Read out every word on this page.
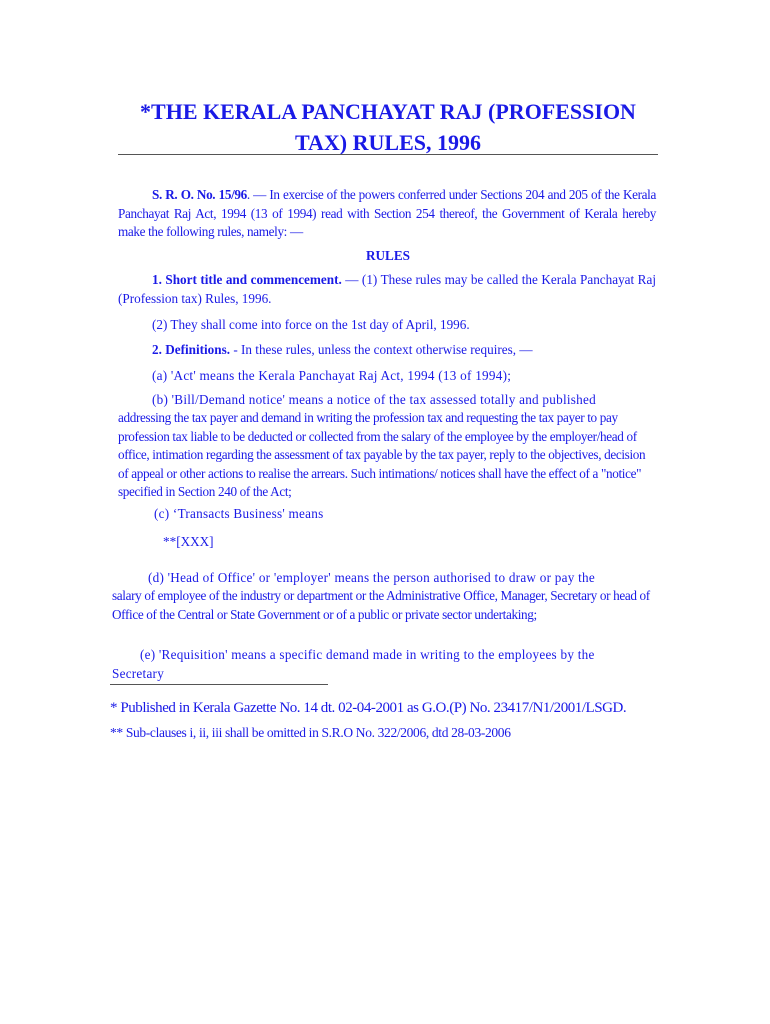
*THE KERALA PANCHAYAT RAJ (PROFESSION TAX) RULES, 1996

S. R. O. No. 15/96. — In exercise of the powers conferred under Sections 204 and 205 of the Kerala Panchayat Raj Act, 1994 (13 of 1994) read with Section 254 thereof, the Government of Kerala hereby make the following rules, namely: —

RULES

1. Short title and commencement. — (1) These rules may be called the Kerala Panchayat Raj (Profession tax) Rules, 1996.

(2) They shall come into force on the 1st day of April, 1996.

2. Definitions. - In these rules, unless the context otherwise requires, —

(a) 'Act' means the Kerala Panchayat Raj Act, 1994 (13 of 1994);

(b) 'Bill/Demand notice' means a notice of the tax assessed totally and published

addressing the tax payer and demand in writing the profession tax and requesting the tax payer to pay profession tax liable to be deducted or collected from the salary of the employee by the employer/head of office, intimation regarding the assessment of tax payable by the tax payer, reply to the objectives, decision of appeal or other actions to realise the arrears. Such intimations/ notices shall have the effect of a "notice" specified in Section 240 of the Act;

(c) ‘Transacts Business' means

**[XXX]

(d) 'Head of Office' or 'employer' means the person authorised to draw or pay the

salary of employee of the industry or department or the Administrative Office, Manager, Secretary or head of Office of the Central or State Government or of a public or private sector undertaking;

(e) 'Requisition' means a specific demand made in writing to the employees by the Secretary

* Published in Kerala Gazette No. 14 dt. 02-04-2001 as G.O.(P) No. 23417/N1/2001/LSGD.

** Sub-clauses i, ii, iii shall be omitted in S.R.O No. 322/2006, dtd 28-03-2006
